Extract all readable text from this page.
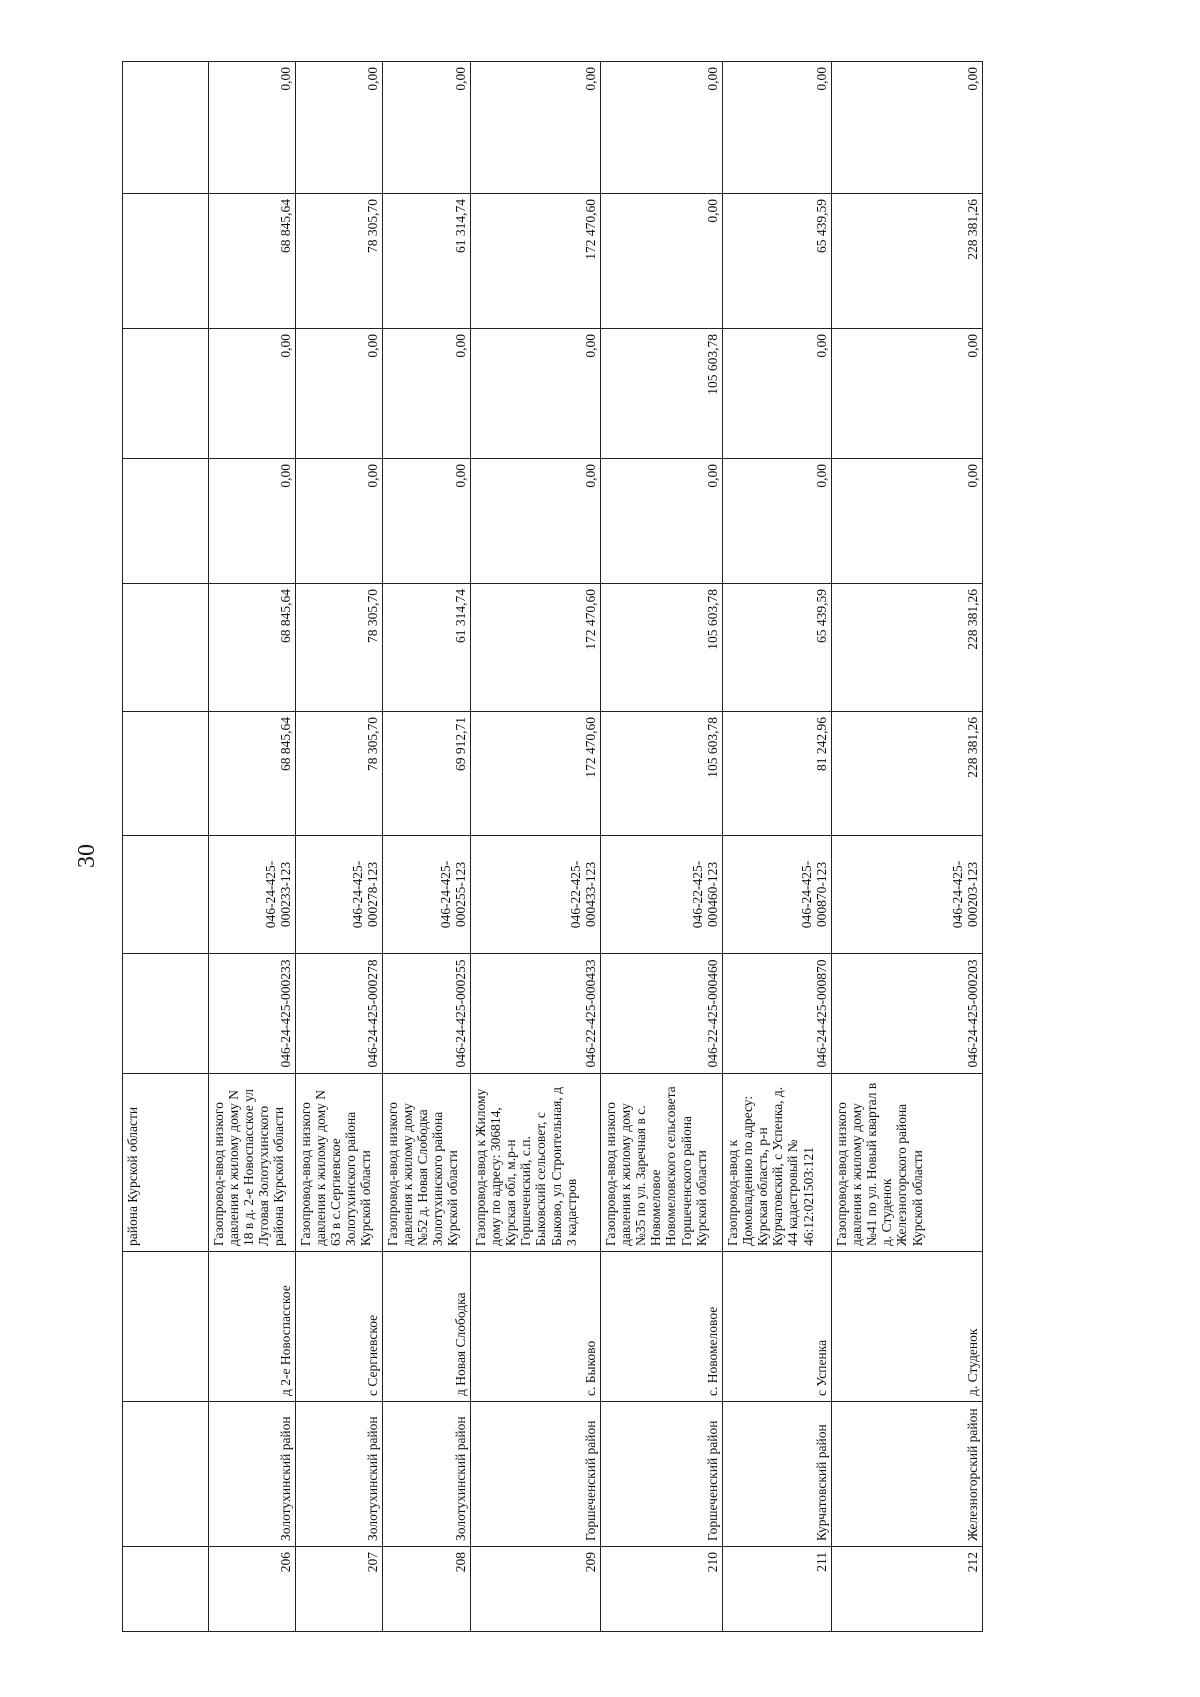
30
			района Курской области								
206	Золотухинский район	д 2-е Новоспасское	Газопровод-ввод низкого давления к жилому дому N 18 в д. 2-е Новоспасское ул Луговая Золотухинского района Курской области	046-24-425-000233	046-24-425-000233-123	68 845,64	68 845,64	0,00	0,00	68 845,64	0,00
207	Золотухинский район	с Сергиевское	Газопровод-ввод низкого давления к жилому дому N 63 в с.Сергиевское Золотухинского района Курской области	046-24-425-000278	046-24-425-000278-123	78 305,70	78 305,70	0,00	0,00	78 305,70	0,00
208	Золотухинский район	д Новая Слободка	Газопровод-ввод низкого давления к жилому дому №52 д. Новая Слободка Золотухинского района Курской области	046-24-425-000255	046-24-425-000255-123	69 912,71	61 314,74	0,00	0,00	61 314,74	0,00
209	Горшеченский район	с. Быково	Газопровод-ввод к Жилому дому по адресу: 306814, Курская обл, м.р-н Горшеченский, с.п. Быковский сельсовет, с Быково, ул Строительная, д 3 кадастров	046-22-425-000433	046-22-425-000433-123	172 470,60	172 470,60	0,00	0,00	172 470,60	0,00
210	Горшеченский район	с. Новомеловое	Газопровод-ввод низкого давления к жилому дому №35 по ул. Заречная в с. Новомеловое Новомеловского сельсовета Горшеченского района Курской области	046-22-425-000460	046-22-425-000460-123	105 603,78	105 603,78	0,00	105 603,78	0,00	0,00
211	Курчатовский район	с Успенка	Газопровод-ввод к Домовладению по адресу: Курская область, р-н Курчатовский, с Успенка, д. 44 кадастровый № 46:12:021503:121	046-24-425-000870	046-24-425-000870-123	81 242,96	65 439,59	0,00	0,00	65 439,59	0,00
212	Железногорский район	д. Студенок	Газопровод-ввод низкого давления к жилому дому №41 по ул. Новый квартал в д. Студенок Железногорского района Курской области	046-24-425-000203	046-24-425-000203-123	228 381,26	228 381,26	0,00	0,00	228 381,26	0,00
